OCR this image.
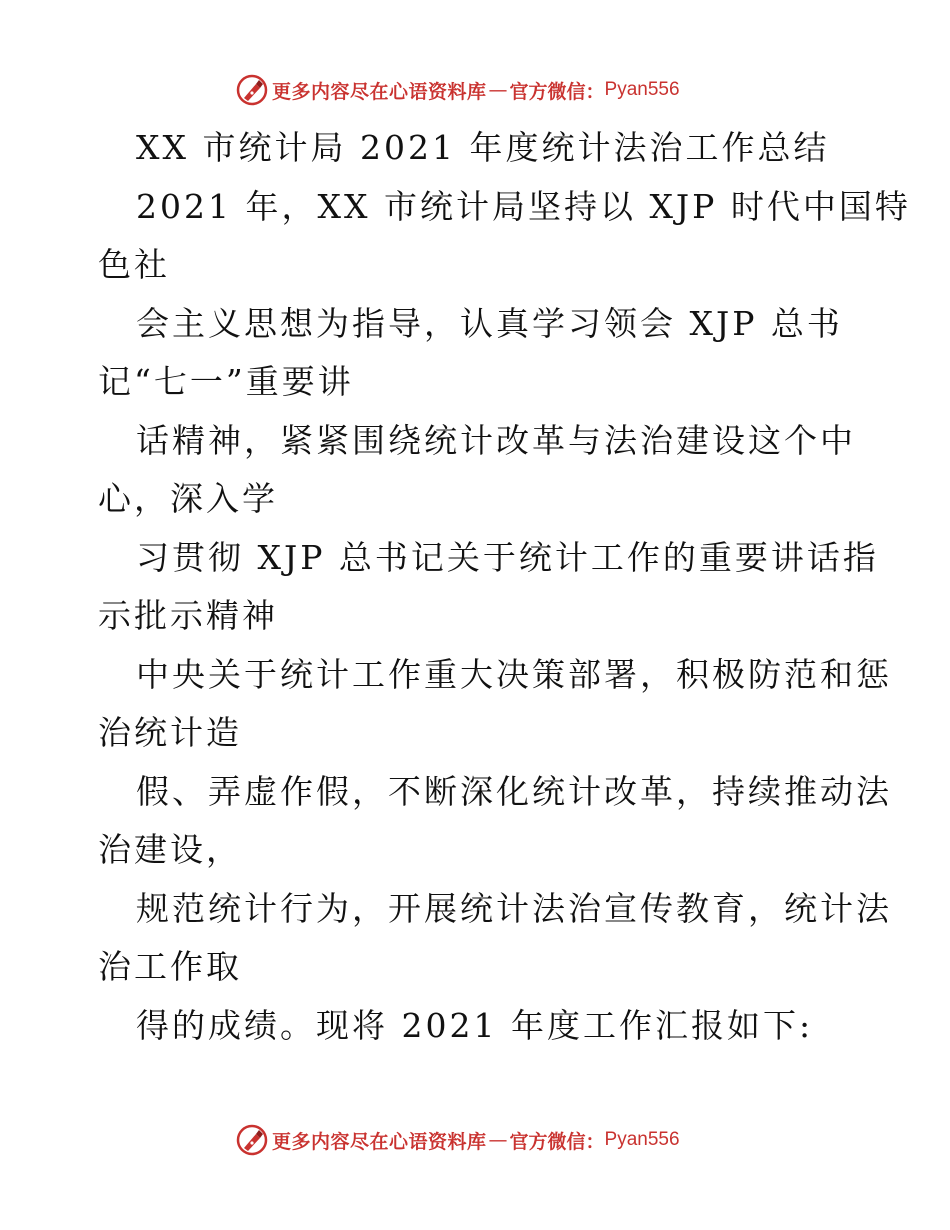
更多内容尽在心语资料库 — 官方微信： Pyan556
XX 市统计局 2021 年度统计法治工作总结
2021 年，XX 市统计局坚持以 XJP 时代中国特
色社
会主义思想为指导，认真学习领会 XJP 总书
记“七一”重要讲
话精神，紧紧围绕统计改革与法治建设这个中
心，深入学
习贯彻 XJP 总书记关于统计工作的重要讲话指
示批示精神
中央关于统计工作重大决策部署，积极防范和惩
治统计造
假、弄虚作假，不断深化统计改革，持续推动法
治建设，
规范统计行为，开展统计法治宣传教育，统计法
治工作取
得的成绩。现将 2021 年度工作汇报如下:
更多内容尽在心语资料库 — 官方微信： Pyan556
